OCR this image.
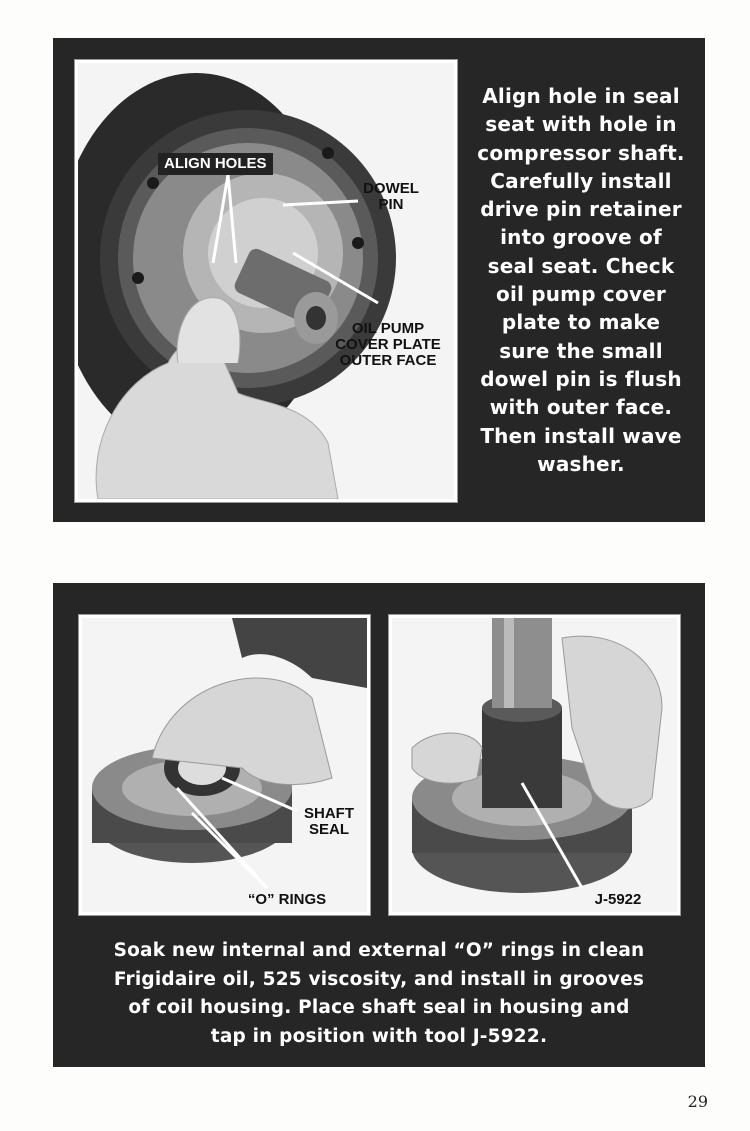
ALIGN HOLES
DOWEL
PIN
OIL PUMP
COVER PLATE
OUTER FACE
Align hole in seal
seat with hole in
compressor shaft.
Carefully install
drive pin retainer
into groove of
seal seat. Check
oil pump cover
plate to make
sure the small
dowel pin is flush
with outer face.
Then install wave
washer.
SHAFT
SEAL
“O” RINGS	J-5922
Soak new internal and external “O” rings in clean
Frigidaire oil, 525 viscosity, and install in grooves
of coil housing. Place shaft seal in housing and
tap in position with tool J-5922.
29
